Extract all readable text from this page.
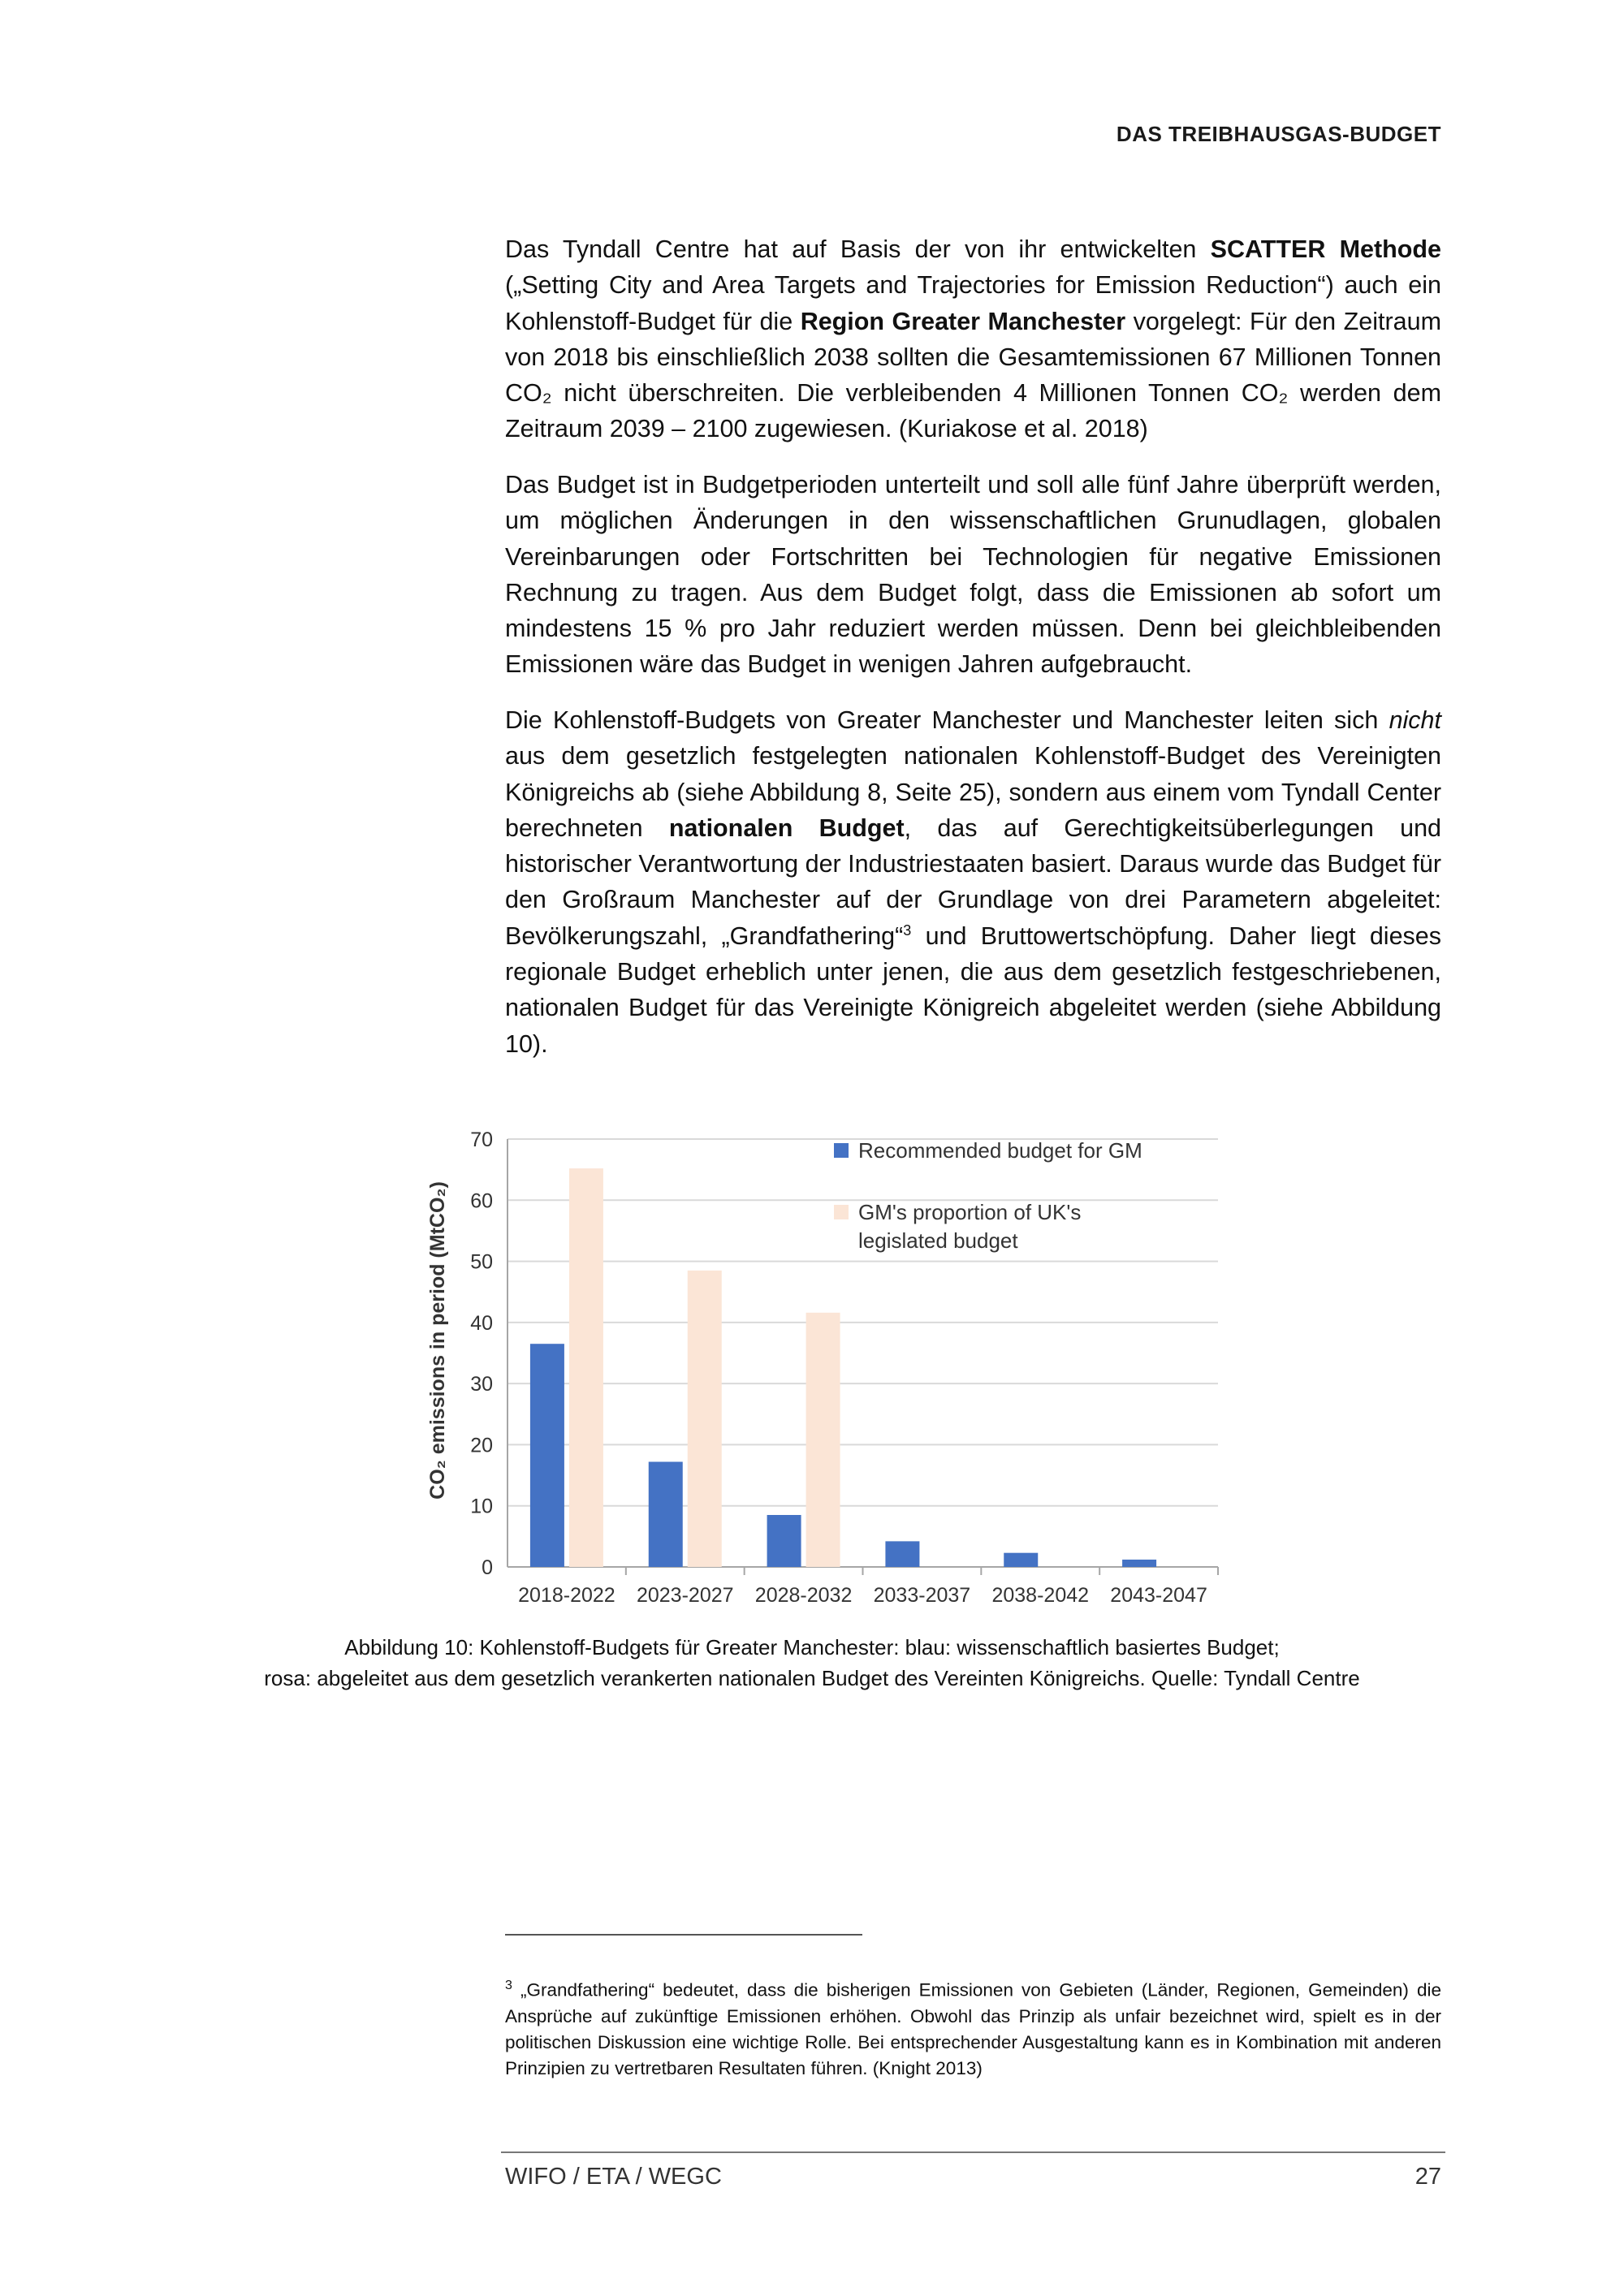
DAS TREIBHAUSGAS-BUDGET

Das Tyndall Centre hat auf Basis der von ihr entwickelten SCATTER Methode („Setting City and Area Targets and Trajectories for Emission Reduction“) auch ein Kohlenstoff-Budget für die Region Greater Manchester vorgelegt: Für den Zeitraum von 2018 bis einschließlich 2038 sollten die Gesamtemissionen 67 Millionen Tonnen CO₂ nicht überschreiten. Die verbleibenden 4 Millionen Tonnen CO₂ werden dem Zeitraum 2039 – 2100 zugewiesen. (Kuriakose et al. 2018)

Das Budget ist in Budgetperioden unterteilt und soll alle fünf Jahre überprüft werden, um möglichen Änderungen in den wissenschaftlichen Grunudlagen, globalen Vereinbarungen oder Fortschritten bei Technologien für negative Emissionen Rechnung zu tragen. Aus dem Budget folgt, dass die Emissionen ab sofort um mindestens 15 % pro Jahr reduziert werden müssen. Denn bei gleichbleibenden Emissionen wäre das Budget in wenigen Jahren aufgebraucht.

Die Kohlenstoff-Budgets von Greater Manchester und Manchester leiten sich nicht aus dem gesetzlich festgelegten nationalen Kohlenstoff-Budget des Vereinigten Königreichs ab (siehe Abbildung 8, Seite 25), sondern aus einem vom Tyndall Center berechneten nationalen Budget, das auf Gerechtigkeitsüberlegungen und historischer Verantwortung der Industriestaaten basiert. Daraus wurde das Budget für den Großraum Manchester auf der Grundlage von drei Parametern abgeleitet: Bevölkerungszahl, „Grandfathering“$^3$ und Bruttowertschöpfung. Daher liegt dieses regionale Budget erheblich unter jenen, die aus dem gesetzlich festgeschriebenen, nationalen Budget für das Vereinigte Königreich abgeleitet werden (siehe Abbildung 10).

0
10
20
30
40
50
60
70
2018-2022 2023-2027 2028-2032 2033-2037 2038-2042 2043-2047
CO₂ emissions in period (MtCO₂)
Recommended budget for GM
GM's proportion of UK's
legislated budget
Abbildung 10: Kohlenstoff-Budgets für Greater Manchester: blau: wissenschaftlich basiertes Budget;
rosa: abgeleitet aus dem gesetzlich verankerten nationalen Budget des Vereinten Königreichs. Quelle: Tyndall Centre
$^3$ „Grandfathering“ bedeutet, dass die bisherigen Emissionen von Gebieten (Länder, Regionen, Gemeinden) die Ansprüche auf zukünftige Emissionen erhöhen. Obwohl das Prinzip als unfair bezeichnet wird, spielt es in der politischen Diskussion eine wichtige Rolle. Bei entsprechender Ausgestaltung kann es in Kombination mit anderen Prinzipien zu vertretbaren Resultaten führen. (Knight 2013)
WIFO / ETA / WEGC	27
